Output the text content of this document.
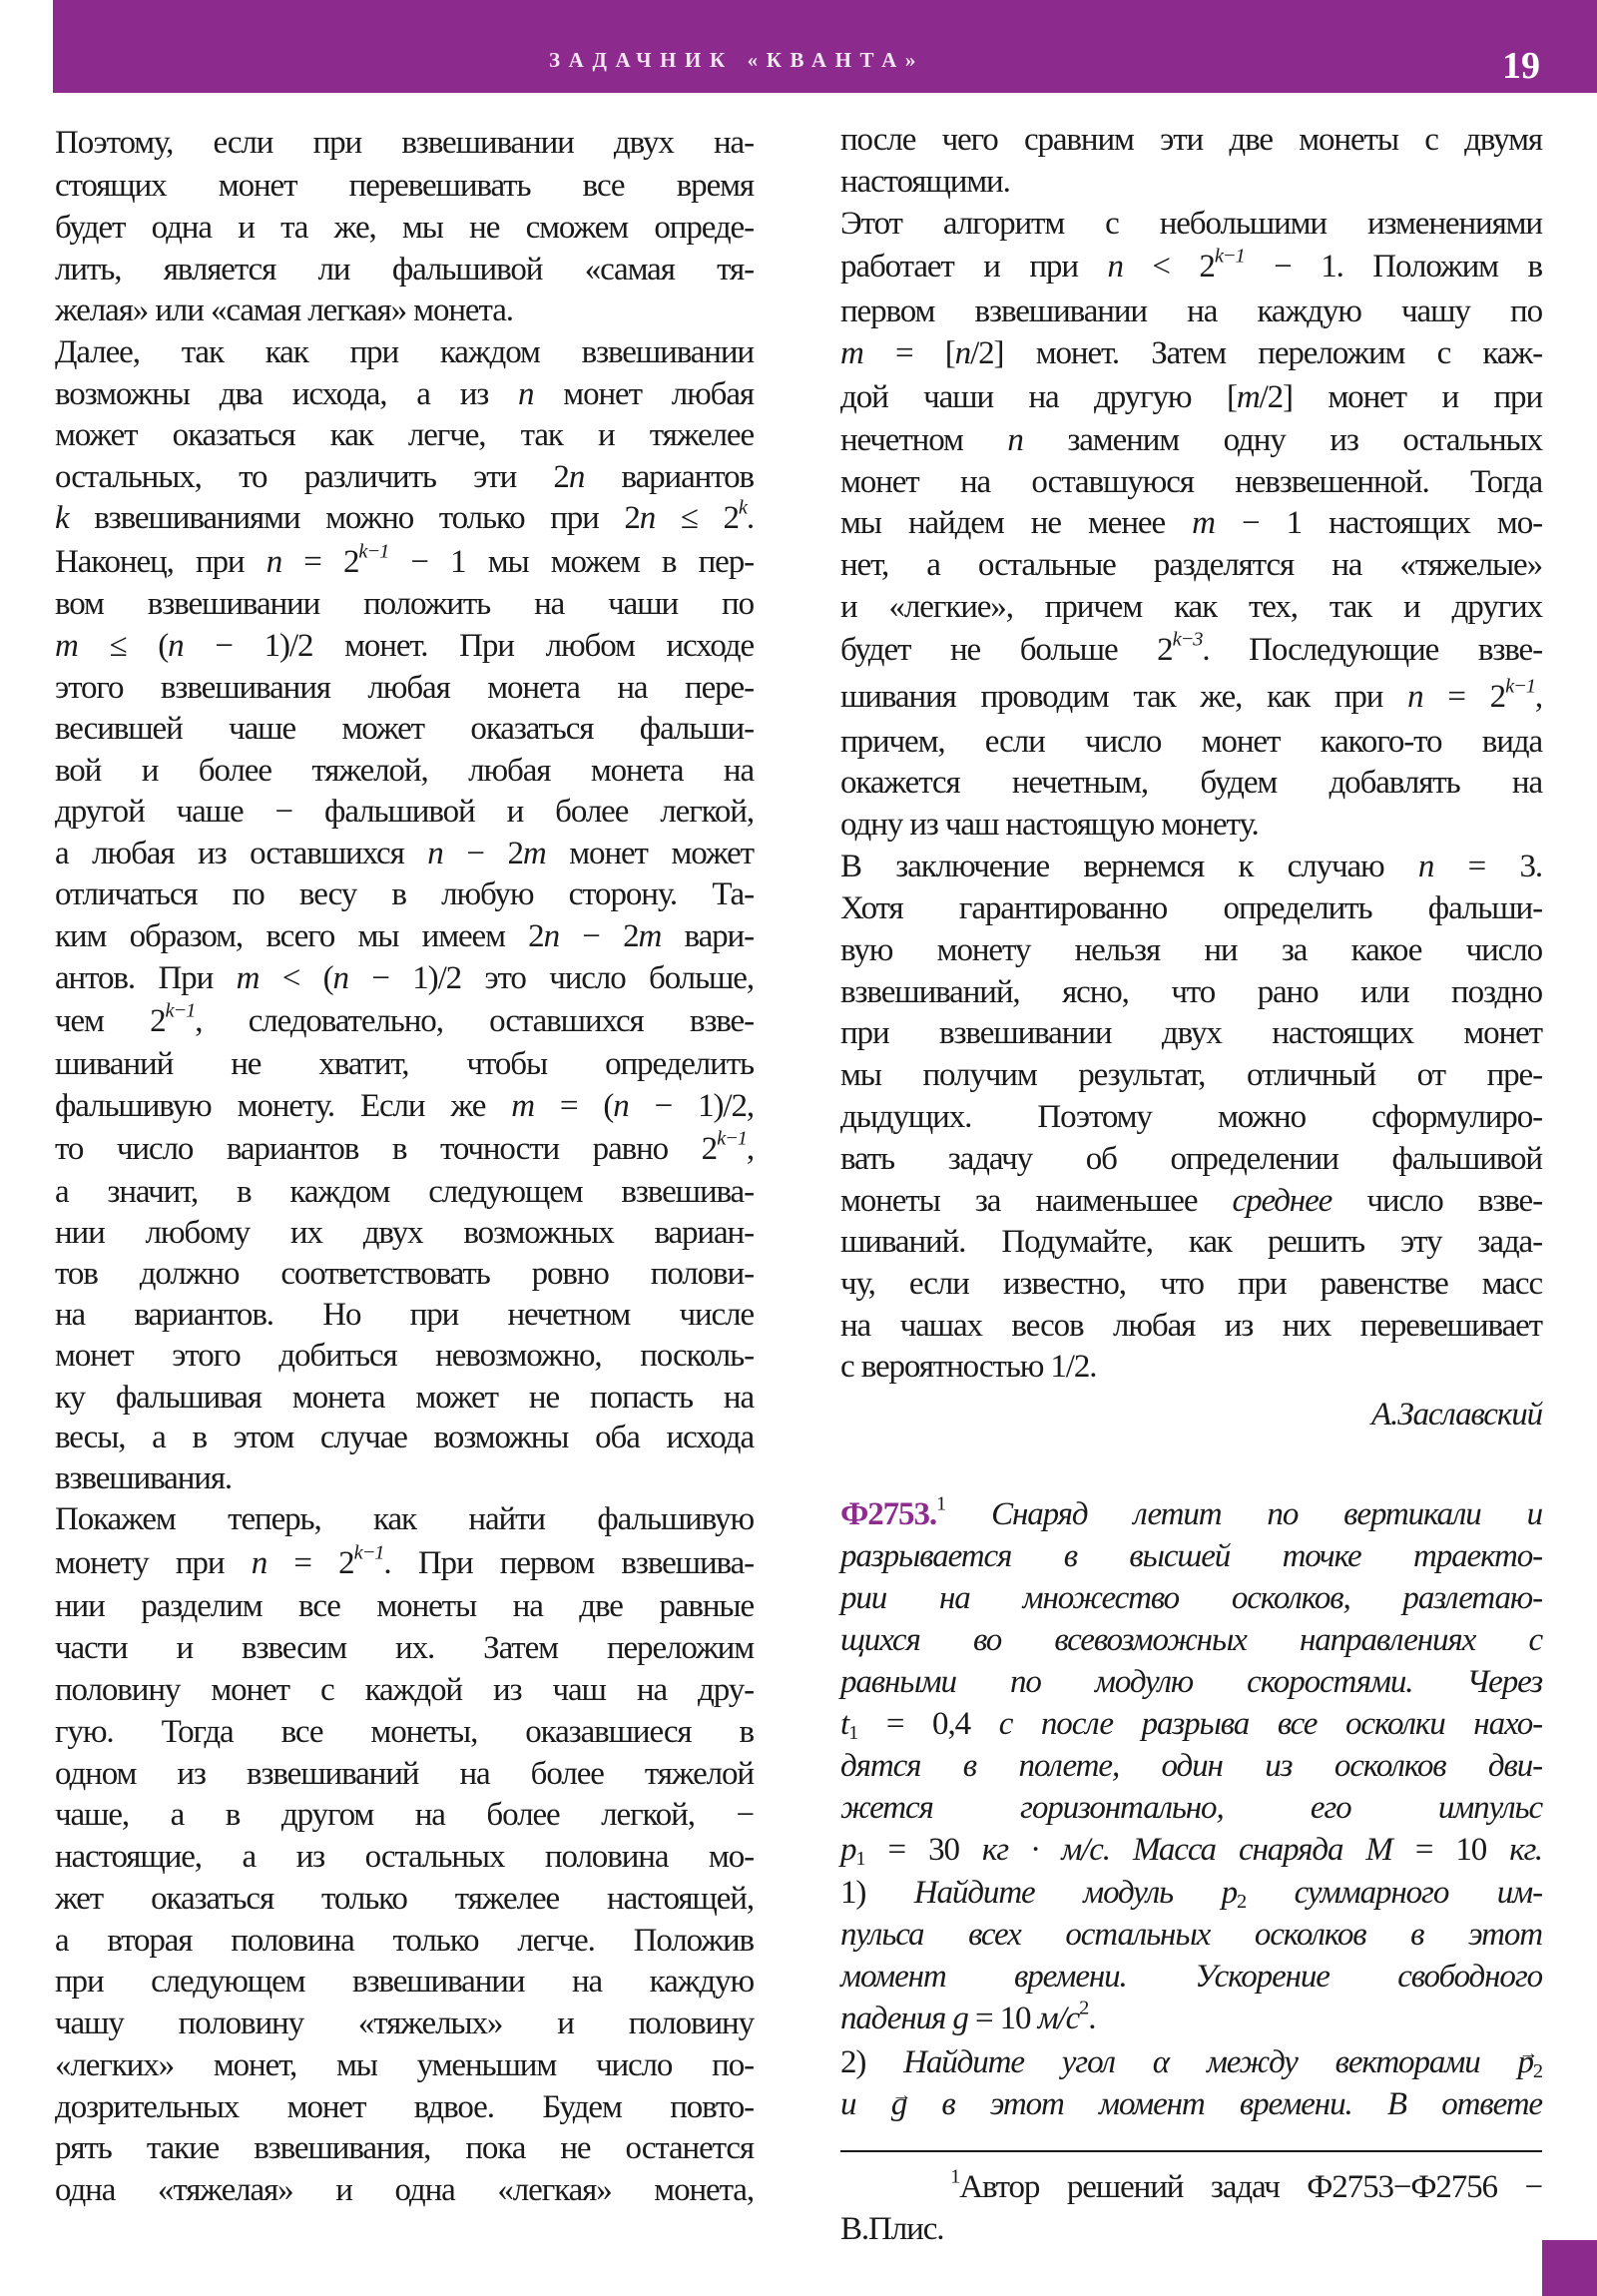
ЗАДАЧНИК «КВАНТА»	19
Поэтому, если при взвешивании двух на-
стоящих монет перевешивать все время
будет одна и та же, мы не сможем опреде-
лить, является ли фальшивой «самая тя-
желая» или «самая легкая» монета.
Далее, так как при каждом взвешивании
возможны два исхода, а из n монет любая
может оказаться как легче, так и тяжелее
остальных, то различить эти 2n вариантов
k взвешиваниями можно только при $2n \le 2^k$.
Наконец, при $n = 2^{k-1} - 1$ мы можем в пер-
вом взвешивании положить на чаши по
m ≤ (n − 1)/2 монет. При любом исходе
этого взвешивания любая монета на пере-
весившей чаше может оказаться фальши-
вой и более тяжелой, любая монета на
другой чаше − фальшивой и более легкой,
а любая из оставшихся n − 2m монет может
отличаться по весу в любую сторону. Та-
ким образом, всего мы имеем 2n − 2m вари-
антов. При m < (n − 1)/2 это число больше,
чем $2^{k-1}$, следовательно, оставшихся взве-
шиваний не хватит, чтобы определить
фальшивую монету. Если же m = (n − 1)/2,
то число вариантов в точности равно $2^{k-1}$,
а значит, в каждом следующем взвешива-
нии любому их двух возможных вариан-
тов должно соответствовать ровно полови-
на вариантов. Но при нечетном числе
монет этого добиться невозможно, посколь-
ку фальшивая монета может не попасть на
весы, а в этом случае возможны оба исхода
взвешивания.
Покажем теперь, как найти фальшивую
монету при $n = 2^{k-1}$. При первом взвешива-
нии разделим все монеты на две равные
части и взвесим их. Затем переложим
половину монет с каждой из чаш на дру-
гую. Тогда все монеты, оказавшиеся в
одном из взвешиваний на более тяжелой
чаше, а в другом на более легкой, −
настоящие, а из остальных половина мо-
жет оказаться только тяжелее настоящей,
а вторая половина только легче. Положив
при следующем взвешивании на каждую
чашу половину «тяжелых» и половину
«легких» монет, мы уменьшим число по-
дозрительных монет вдвое. Будем повто-
рять такие взвешивания, пока не останется
одна «тяжелая» и одна «легкая» монета,
после чего сравним эти две монеты с двумя
настоящими.
Этот алгоритм с небольшими изменениями
работает и при $n < 2^{k-1} - 1$. Положим в
первом взвешивании на каждую чашу по
m = [n/2] монет. Затем переложим с каж-
дой чаши на другую [m/2] монет и при
нечетном n заменим одну из остальных
монет на оставшуюся невзвешенной. Тогда
мы найдем не менее m − 1 настоящих мо-
нет, а остальные разделятся на «тяжелые»
и «легкие», причем как тех, так и других
будет не больше $2^{k-3}$. Последующие взве-
шивания проводим так же, как при $n = 2^{k-1}$,
причем, если число монет какого-то вида
окажется нечетным, будем добавлять на
одну из чаш настоящую монету.
В заключение вернемся к случаю n = 3.
Хотя гарантированно определить фальши-
вую монету нельзя ни за какое число
взвешиваний, ясно, что рано или поздно
при взвешивании двух настоящих монет
мы получим результат, отличный от пре-
дыдущих. Поэтому можно сформулиро-
вать задачу об определении фальшивой
монеты за наименьшее среднее число взве-
шиваний. Подумайте, как решить эту зада-
чу, если известно, что при равенстве масс
на чашах весов любая из них перевешивает
с вероятностью 1/2.
А.Заславский
Ф2753.$^1$ Снаряд летит по вертикали и
разрывается в высшей точке траекто-
рии на множество осколков, разлетаю-
щихся во всевозможных направлениях с
равными по модулю скоростями. Через
$t_1 = 0,4$ с после разрыва все осколки нахо-
дятся в полете, один из осколков дви-
жется горизонтально, его импульс
$p_1 = 30$ кг · м/с. Масса снаряда M = 10 кг.
1) Найдите модуль $p_2$ суммарного им-
пульса всех остальных осколков в этот
момент времени. Ускорение свободного
падения g = 10 $м/с^2$.
2) Найдите угол α между векторами → $p_2$
и → g в этот момент времени. В ответе
$^1$Автор решений задач Ф2753−Ф2756 −
В.Плис.
